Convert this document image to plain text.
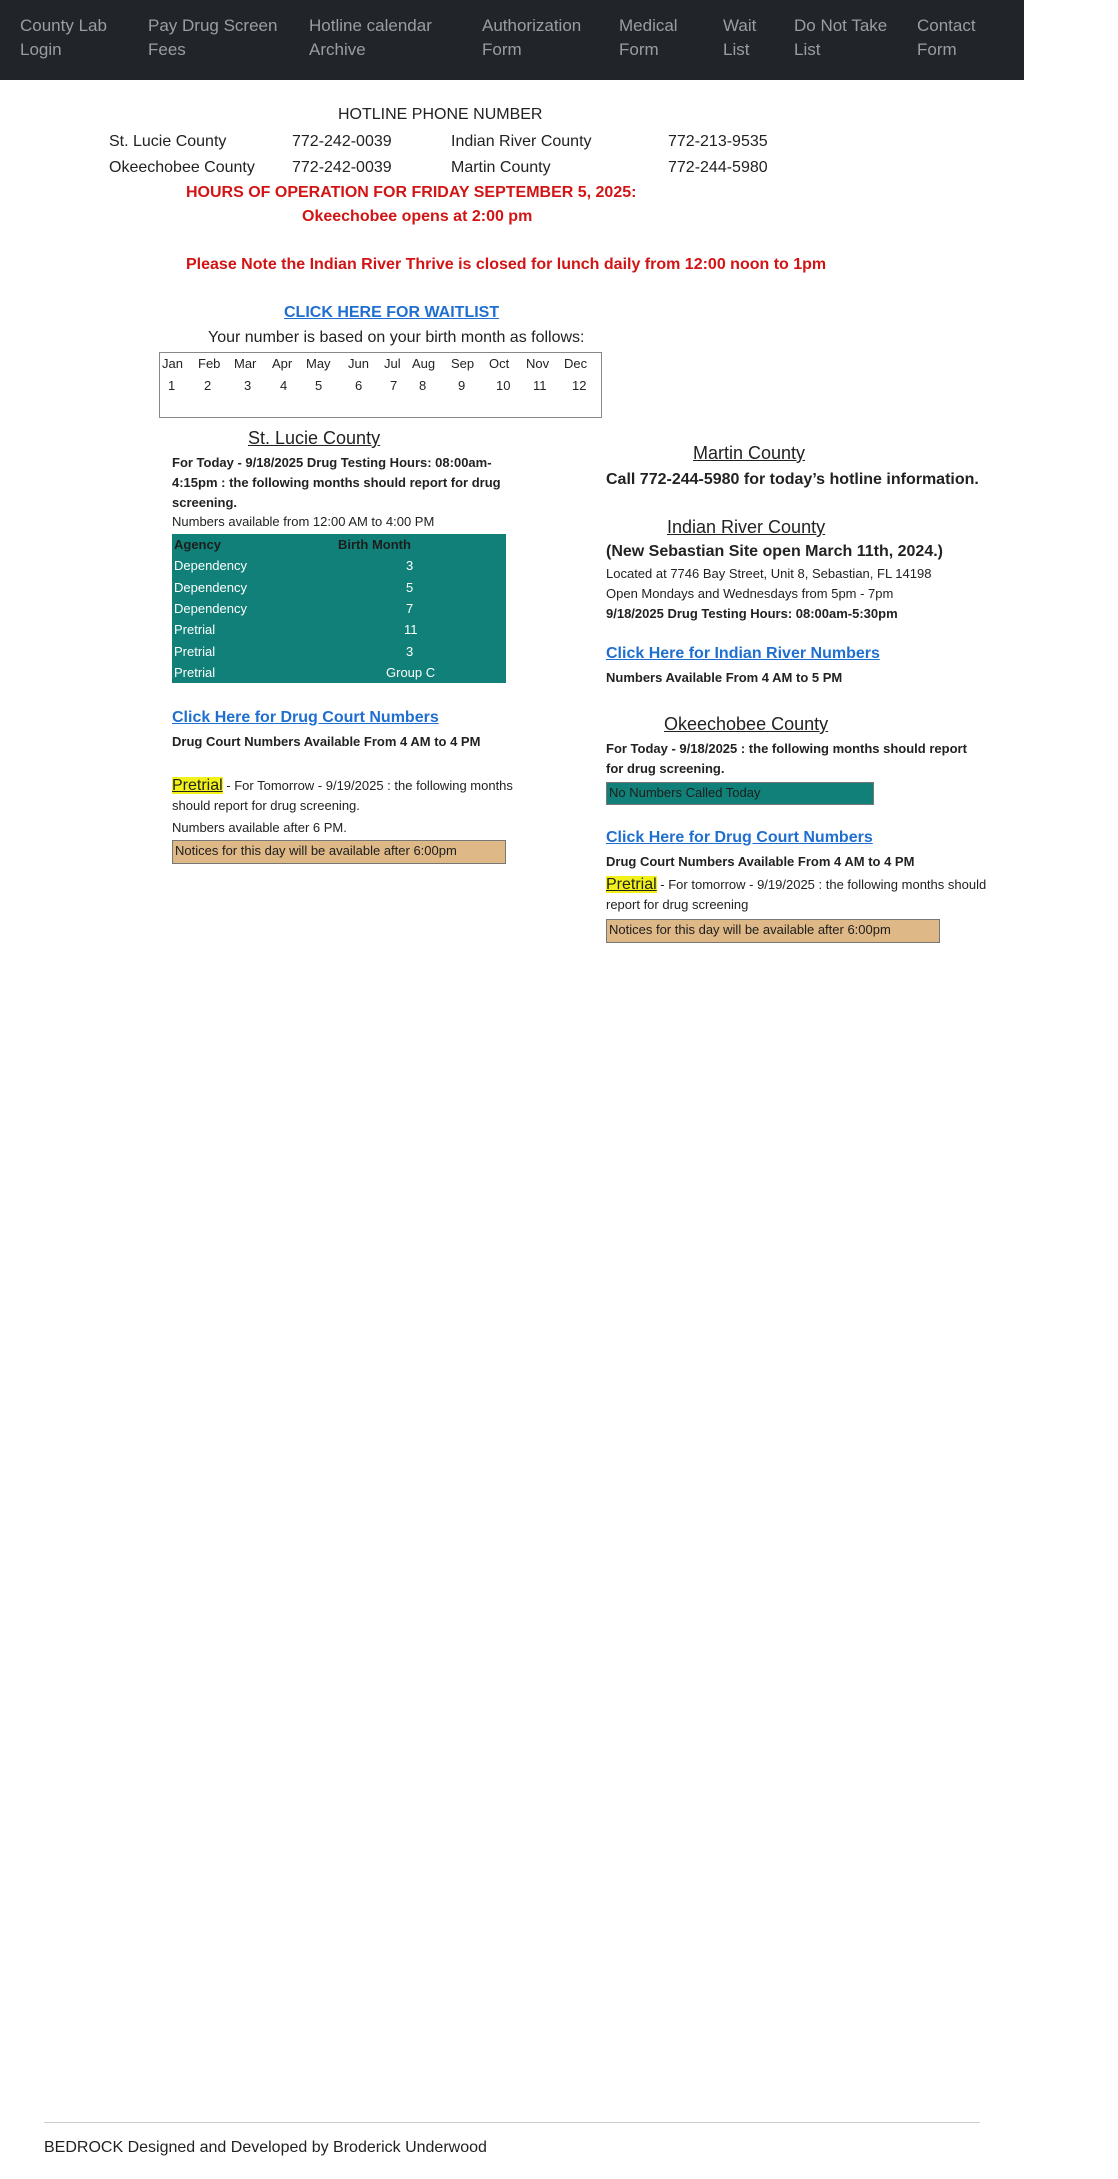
County Lab Login
Pay Drug Screen Fees
Hotline calendar Archive
Authorization Form
Medical Form
Wait List
Do Not Take List
Contact Form
HOTLINE PHONE NUMBER
St. Lucie County	772-242-0039	Indian River County	772-213-9535
Okeechobee County 772-242-0039	Martin County	772-244-5980
HOURS OF OPERATION FOR FRIDAY SEPTEMBER 5, 2025:
Okeechobee opens at 2:00 pm
Please Note the Indian River Thrive is closed for lunch daily from 12:00 noon to 1pm
CLICK HERE FOR WAITLIST
Your number is based on your birth month as follows:
Jan Feb Mar Apr May Jun Jul Aug Sep Oct Nov Dec
1 2	3 4 5	6 7 8 9 10 11 12
St. Lucie County
For Today - 9/18/2025 Drug Testing Hours: 08:00am-4:15pm : the following months should report for drug screening.
Numbers available from 12:00 AM to 4:00 PM
Agency	Birth Month
Dependency	3
Dependency	5
Dependency	7
Pretrial	11
Pretrial	3
Pretrial	Group C
Click Here for Drug Court Numbers
Drug Court Numbers Available From 4 AM to 4 PM
Pretrial - For Tomorrow - 9/19/2025 : the following months should report for drug screening.
Numbers available after 6 PM.
Notices for this day will be available after 6:00pm
Martin County
Call 772-244-5980 for today’s hotline information.
Indian River County
(New Sebastian Site open March 11th, 2024.)
Located at 7746 Bay Street, Unit 8, Sebastian, FL 14198
Open Mondays and Wednesdays from 5pm - 7pm
9/18/2025 Drug Testing Hours: 08:00am-5:30pm
Click Here for Indian River Numbers
Numbers Available From 4 AM to 5 PM
Okeechobee County
For Today - 9/18/2025 : the following months should report for drug screening.
No Numbers Called Today
Click Here for Drug Court Numbers
Drug Court Numbers Available From 4 AM to 4 PM
Pretrial - For tomorrow - 9/19/2025 : the following months should report for drug screening
Notices for this day will be available after 6:00pm
BEDROCK Designed and Developed by Broderick Underwood
